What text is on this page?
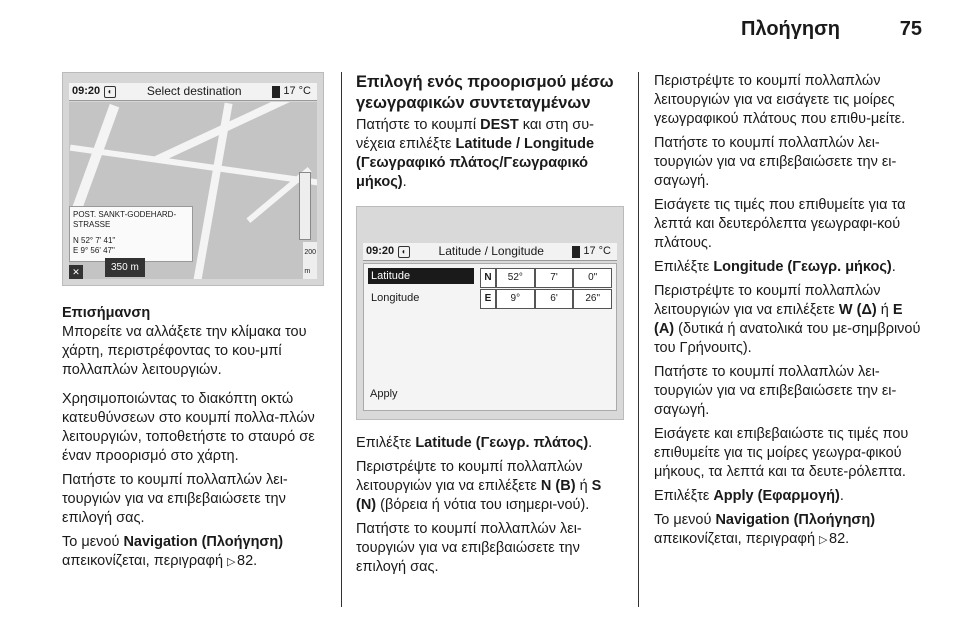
Πλοήγηση	75
09:20 ◐	Select destination	17 °C
POST. SANKT-GODEHARD-STRASSE
N 52° 7' 41"
E 9° 56' 47"	200
m
350 m
✕

Επισήμανση

Μπορείτε να αλλάξετε την κλίμακα του χάρτη, περιστρέφοντας το κου-μπί πολλαπλών λειτουργιών.

Χρησιμοποιώντας το διακόπτη οκτώ κατευθύνσεων στο κουμπί πολλα-πλών λειτουργιών, τοποθετήστε το σταυρό σε έναν προορισμό στο χάρτη.

Πατήστε το κουμπί πολλαπλών λει-τουργιών για να επιβεβαιώσετε την επιλογή σας.

Το μενού Navigation (Πλοήγηση) απεικονίζεται, περιγραφή ▷ 82.

Επιλογή ενός προορισμού μέσω γεωγραφικών συντεταγμένων

Πατήστε το κουμπί DEST και στη συ-νέχεια επιλέξτε Latitude / Longitude (Γεωγραφικό πλάτος/Γεωγραφικό μήκος).

09:20 ◐	Latitude / Longitude	17 °C
Latitude
Longitude
Apply
N	52°	7'	0"
E	9°	6'	26"

Επιλέξτε Latitude (Γεωγρ. πλάτος).

Περιστρέψτε το κουμπί πολλαπλών λειτουργιών για να επιλέξετε N (B) ή S (N) (βόρεια ή νότια του ισημερι-νού).

Πατήστε το κουμπί πολλαπλών λει-τουργιών για να επιβεβαιώσετε την επιλογή σας.

Περιστρέψτε το κουμπί πολλαπλών λειτουργιών για να εισάγετε τις μοίρες γεωγραφικού πλάτους που επιθυ-μείτε.

Πατήστε το κουμπί πολλαπλών λει-τουργιών για να επιβεβαιώσετε την ει-σαγωγή.

Εισάγετε τις τιμές που επιθυμείτε για τα λεπτά και δευτερόλεπτα γεωγραφι-κού πλάτους.

Επιλέξτε Longitude (Γεωγρ. μήκος).

Περιστρέψτε το κουμπί πολλαπλών λειτουργιών για να επιλέξετε W (Δ) ή E (A) (δυτικά ή ανατολικά του με-σημβρινού του Γρήνουιτς).

Πατήστε το κουμπί πολλαπλών λει-τουργιών για να επιβεβαιώσετε την ει-σαγωγή.

Εισάγετε και επιβεβαιώστε τις τιμές που επιθυμείτε για τις μοίρες γεωγρα-φικού μήκους, τα λεπτά και τα δευτε-ρόλεπτα.

Επιλέξτε Apply (Εφαρμογή).

Το μενού Navigation (Πλοήγηση) απεικονίζεται, περιγραφή ▷ 82.
